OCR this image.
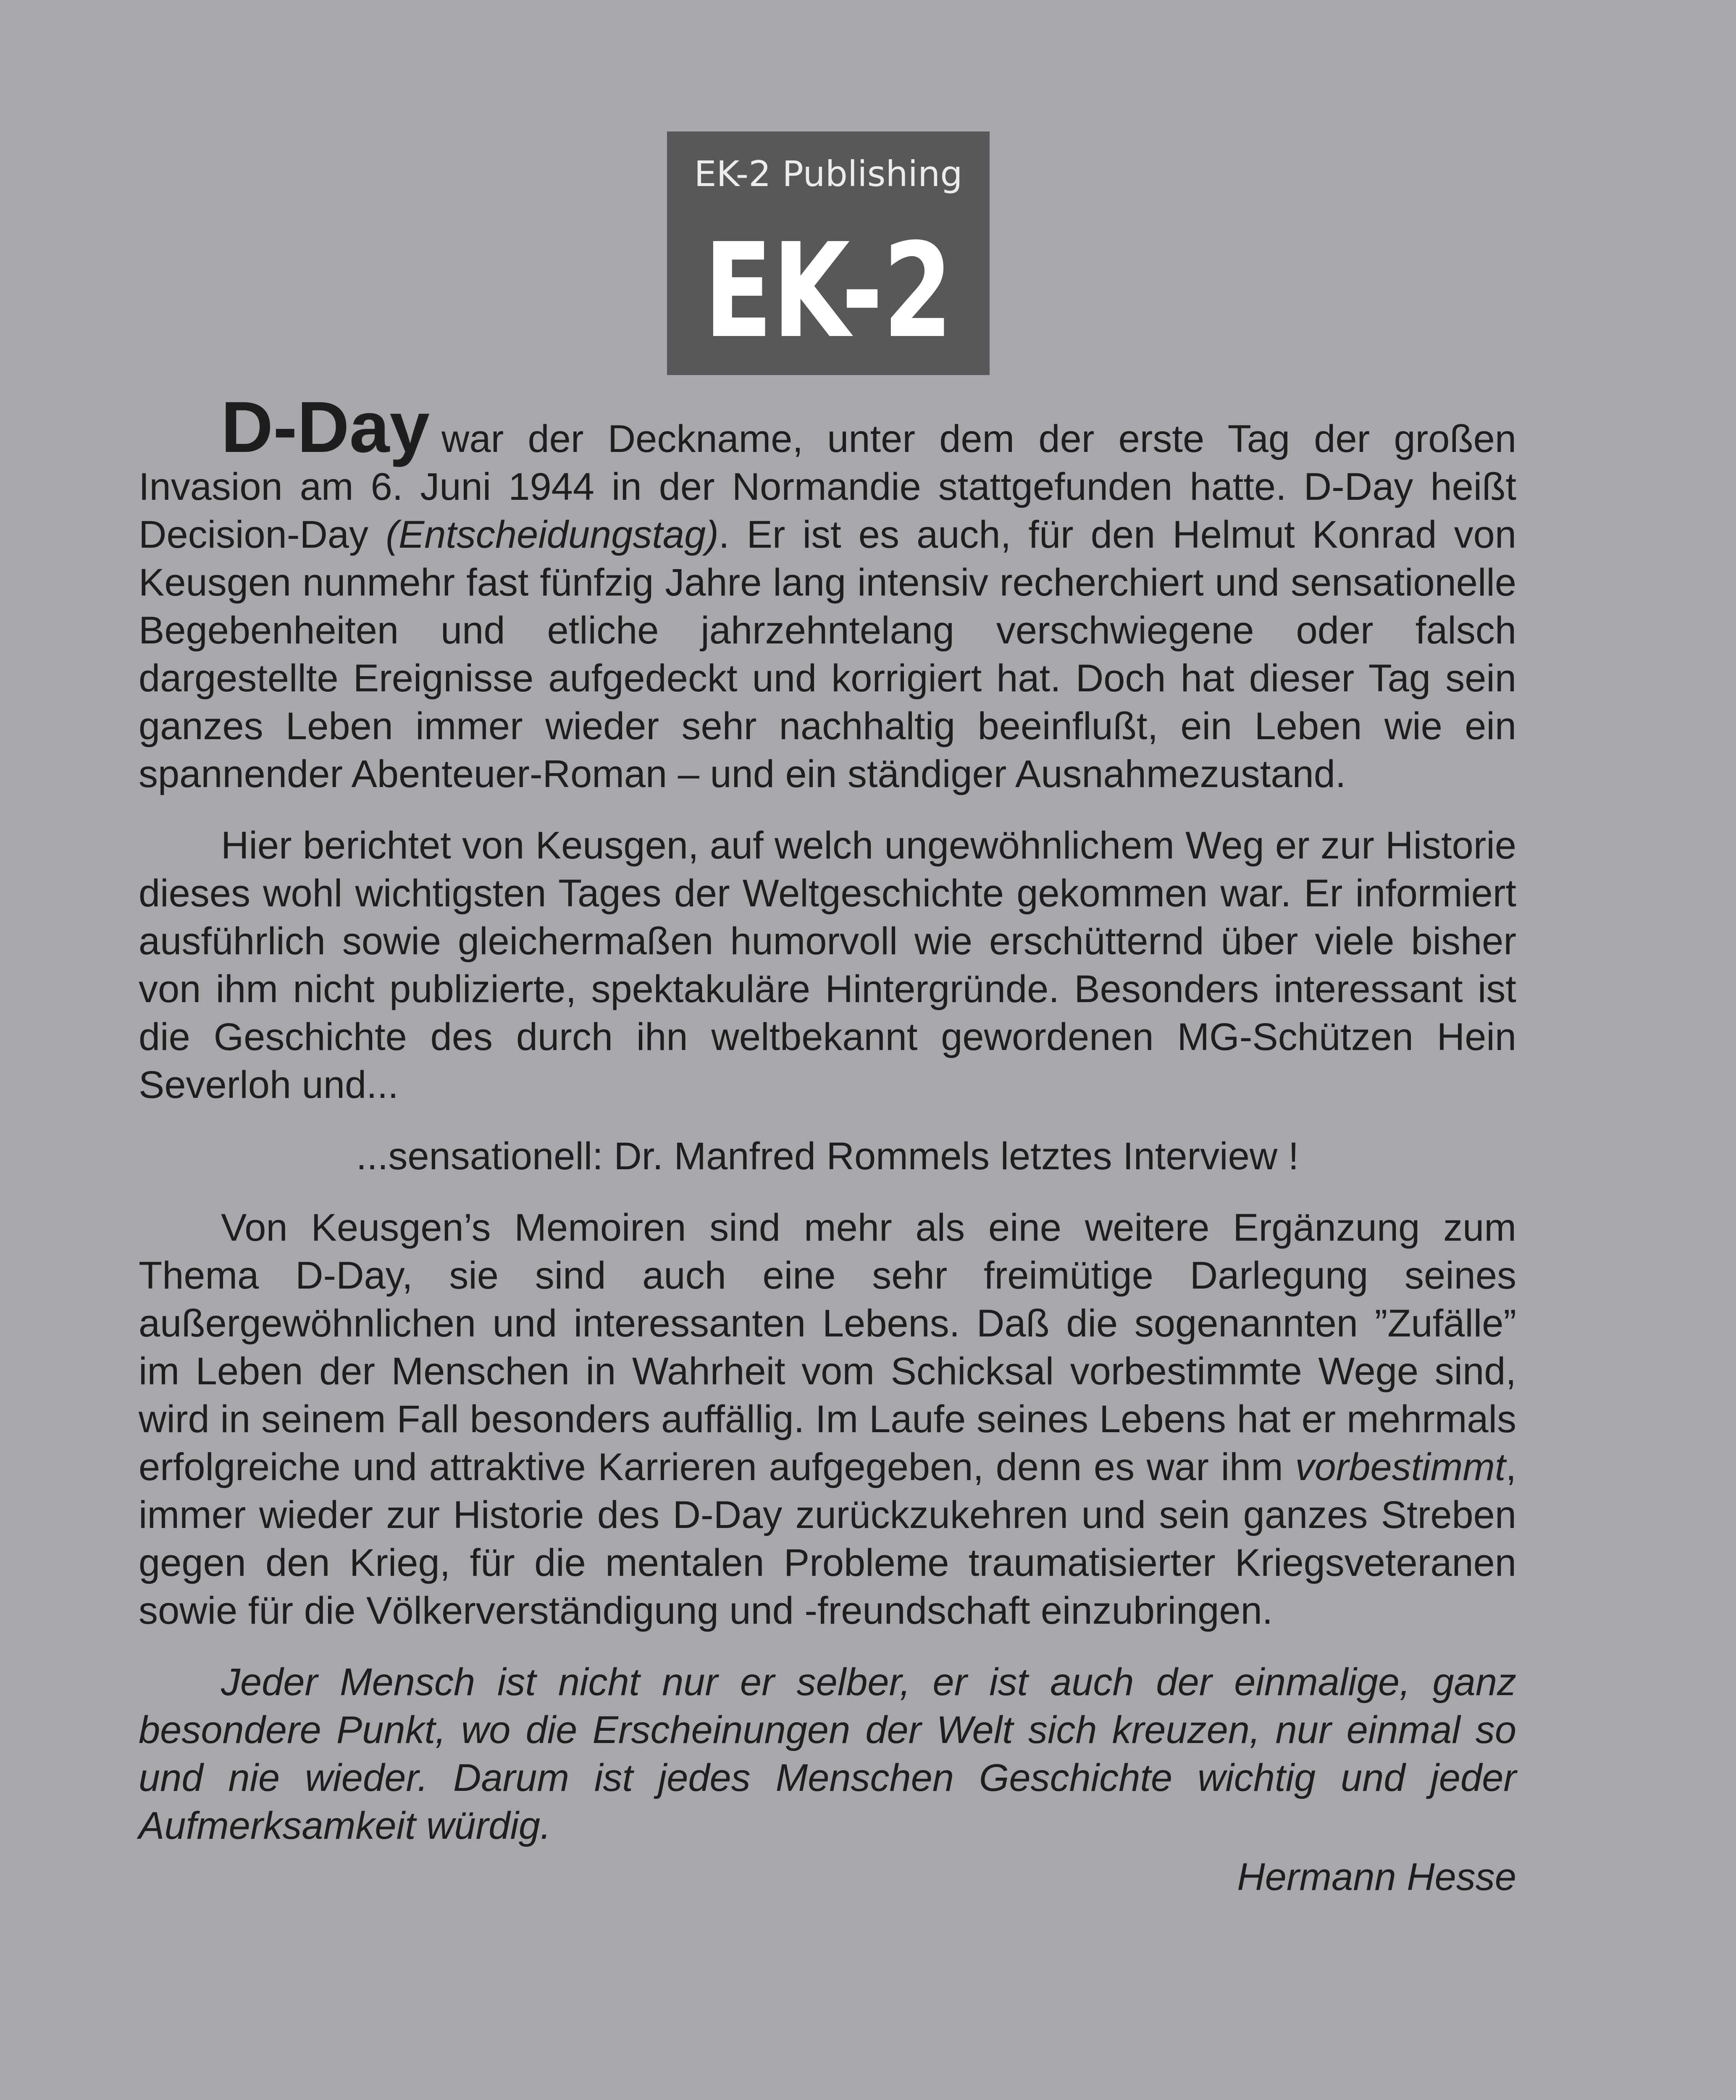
EK-2 Publishing
EK-2

D-Day war der Deckname, unter dem der erste Tag der großen Invasion am 6. Juni 1944 in der Normandie stattgefunden hatte. D-Day heißt Decision-Day (Entscheidungstag). Er ist es auch, für den Helmut Konrad von Keusgen nunmehr fast fünfzig Jahre lang intensiv recherchiert und sensationelle Begebenheiten und etliche jahrzehntelang verschwiegene oder falsch dargestellte Ereignisse aufgedeckt und korrigiert hat. Doch hat dieser Tag sein ganzes Leben immer wieder sehr nachhaltig beeinflußt, ein Leben wie ein spannender Abenteuer-Roman – und ein ständiger Ausnahmezustand.

Hier berichtet von Keusgen, auf welch ungewöhnlichem Weg er zur Historie dieses wohl wichtigsten Tages der Weltgeschichte gekommen war. Er informiert ausführlich sowie gleichermaßen humorvoll wie erschütternd über viele bisher von ihm nicht publizierte, spektakuläre Hintergründe. Besonders interessant ist die Geschichte des durch ihn weltbekannt gewordenen MG-Schützen Hein Severloh und...

...sensationell: Dr. Manfred Rommels letztes Interview !

Von Keusgen’s Memoiren sind mehr als eine weitere Ergänzung zum Thema D-Day, sie sind auch eine sehr freimütige Darlegung seines außergewöhnlichen und interessanten Lebens. Daß die sogenannten ”Zufälle” im Leben der Menschen in Wahrheit vom Schicksal vorbestimmte Wege sind, wird in seinem Fall besonders auffällig. Im Laufe seines Lebens hat er mehrmals erfolgreiche und attraktive Karrieren aufgegeben, denn es war ihm vorbestimmt, immer wieder zur Historie des D-Day zurückzukehren und sein ganzes Streben gegen den Krieg, für die mentalen Probleme traumatisierter Kriegsveteranen sowie für die Völkerverständigung und -freundschaft einzubringen.

Jeder Mensch ist nicht nur er selber, er ist auch der einmalige, ganz besondere Punkt, wo die Erscheinungen der Welt sich kreuzen, nur einmal so und nie wieder. Darum ist jedes Menschen Geschichte wichtig und jeder Aufmerksamkeit würdig.

Hermann Hesse
